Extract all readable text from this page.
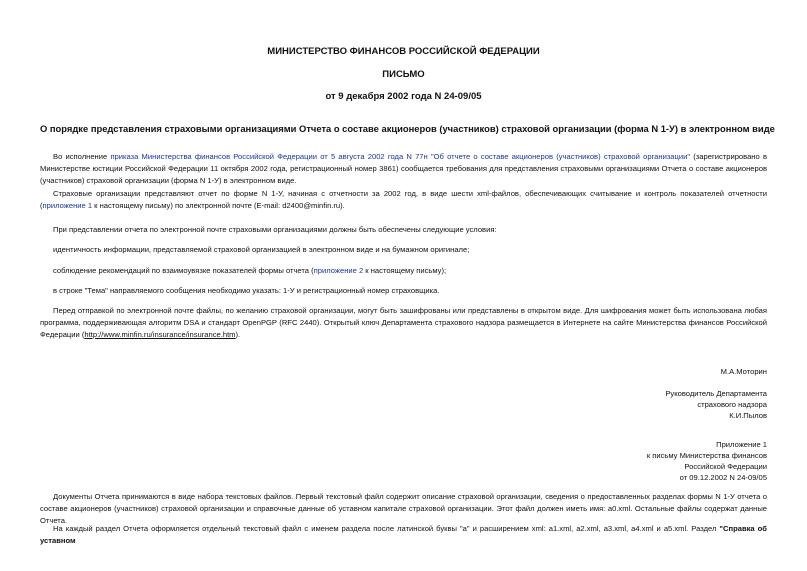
МИНИСТЕРСТВО ФИНАНСОВ РОССИЙСКОЙ ФЕДЕРАЦИИ
ПИСЬМО
от 9 декабря 2002 года N 24-09/05
О порядке представления страховыми организациями Отчета о составе акционеров (участников) страховой организации (форма N 1-У) в электронном виде
Во исполнение приказа Министерства финансов Российской Федерации от 5 августа 2002 года N 77н "Об отчете о составе акционеров (участников) страховой организации" (зарегистрировано в Министерстве юстиции Российской Федерации 11 октября 2002 года, регистрационный номер 3861) сообщается требования для представления страховыми организациями Отчета о составе акционеров (участников) страховой организации (форма N 1-У) в электронном виде.
Страховые организации представляют отчет по форме N 1-У, начиная с отчетности за 2002 год, в виде шести xml-файлов, обеспечивающих считывание и контроль показателей отчетности (приложение 1 к настоящему письму) по электронной почте (E-mail: d2400@minfin.ru).
При представлении отчета по электронной почте страховыми организациями должны быть обеспечены следующие условия:
идентичность информации, представляемой страховой организацией в электронном виде и на бумажном оригинале;
соблюдение рекомендаций по взаимоувязке показателей формы отчета (приложение 2 к настоящему письму);
в строке "Тема" направляемого сообщения необходимо указать: 1-У и регистрационный номер страховщика.
Перед отправкой по электронной почте файлы, по желанию страховой организации, могут быть зашифрованы или представлены в открытом виде. Для шифрования может быть использована любая программа, поддерживающая алгоритм DSA и стандарт OpenPGP (RFC 2440). Открытый ключ Департамента страхового надзора размещается в Интернете на сайте Министерства финансов Российской Федерации (http://www.minfin.ru/insurance/insurance.htm).
М.А.Моторин
Руководитель Департамента
страхового надзора
К.И.Пылов
Приложение 1
к письму Министерства финансов
Российской Федерации
от 09.12.2002 N 24-09/05
Документы Отчета принимаются в виде набора текстовых файлов. Первый текстовый файл содержит описание страховой организации, сведения о предоставленных разделах формы N 1-У отчета о составе акционеров (участников) страховой организации и справочные данные об уставном капитале страховой организации. Этот файл должен иметь имя: a0.xml. Остальные файлы содержат данные Отчета.
На каждый раздел Отчета оформляется отдельный текстовый файл с именем раздела после латинской буквы "а" и расширением xml: a1.xml, a2.xml, a3.xml, a4.xml и a5.xml. Раздел "Справка об уставном
